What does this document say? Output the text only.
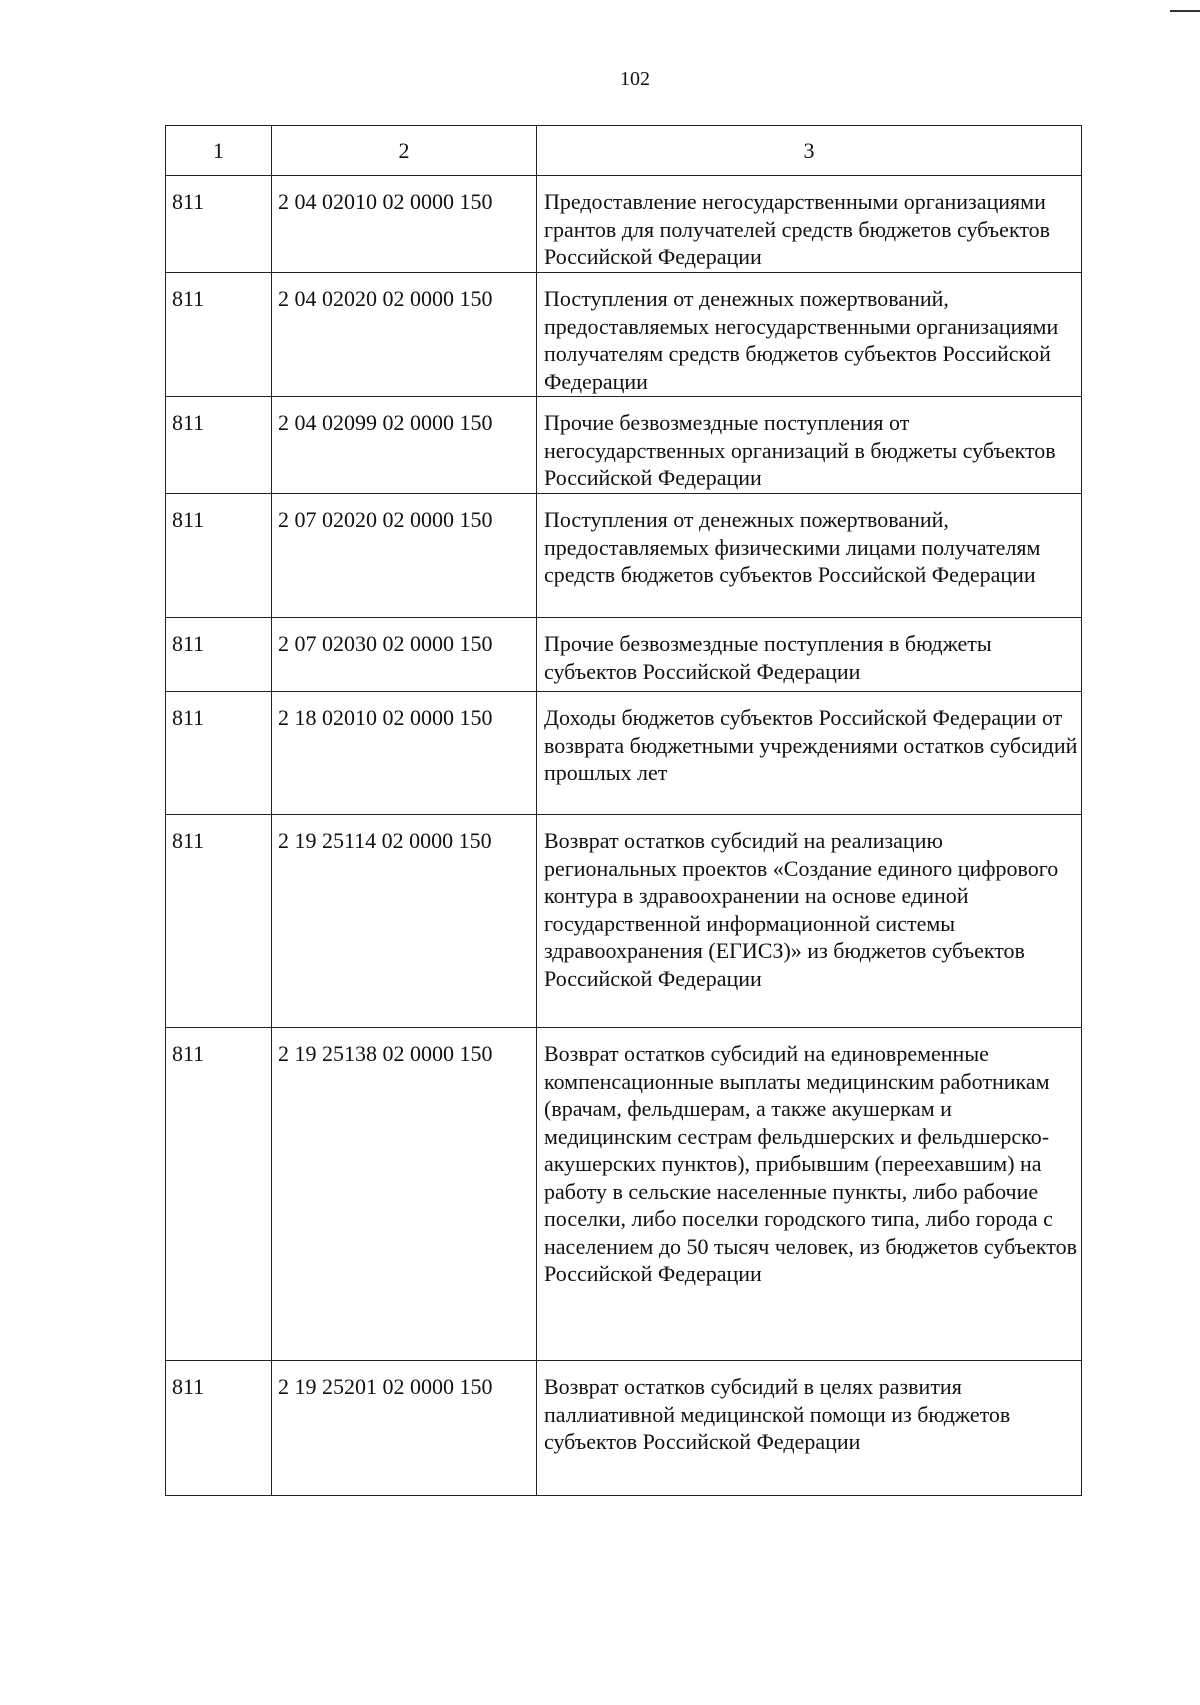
102
1	2	3
811	2 04 02010 02 0000 150	Предоставление негосударственными организациями грантов для получателей средств бюджетов субъектов Российской Федерации
811	2 04 02020 02 0000 150	Поступления от денежных пожертвований, предоставляемых негосударственными организациями получателям средств бюджетов субъектов Российской Федерации
811	2 04 02099 02 0000 150	Прочие безвозмездные поступления от негосударственных организаций в бюджеты субъектов Российской Федерации
811	2 07 02020 02 0000 150	Поступления от денежных пожертвований, предоставляемых физическими лицами получателям средств бюджетов субъектов Российской Федерации
811	2 07 02030 02 0000 150	Прочие безвозмездные поступления в бюджеты субъектов Российской Федерации
811	2 18 02010 02 0000 150	Доходы бюджетов субъектов Российской Федерации от возврата бюджетными учреждениями остатков субсидий прошлых лет
811	2 19 25114 02 0000 150	Возврат остатков субсидий на реализацию региональных проектов «Создание единого цифрового контура в здравоохранении на основе единой государственной информационной системы здравоохранения (ЕГИСЗ)» из бюджетов субъектов Российской Федерации
811	2 19 25138 02 0000 150	Возврат остатков субсидий на единовременные компенсационные выплаты медицинским работникам (врачам, фельдшерам, а также акушеркам и медицинским сестрам фельдшерских и фельдшерско-акушерских пунктов), прибывшим (переехавшим) на работу в сельские населенные пункты, либо рабочие поселки, либо поселки городского типа, либо города с населением до 50 тысяч человек, из бюджетов субъектов Российской Федерации
811	2 19 25201 02 0000 150	Возврат остатков субсидий в целях развития паллиативной медицинской помощи из бюджетов субъектов Российской Федерации
